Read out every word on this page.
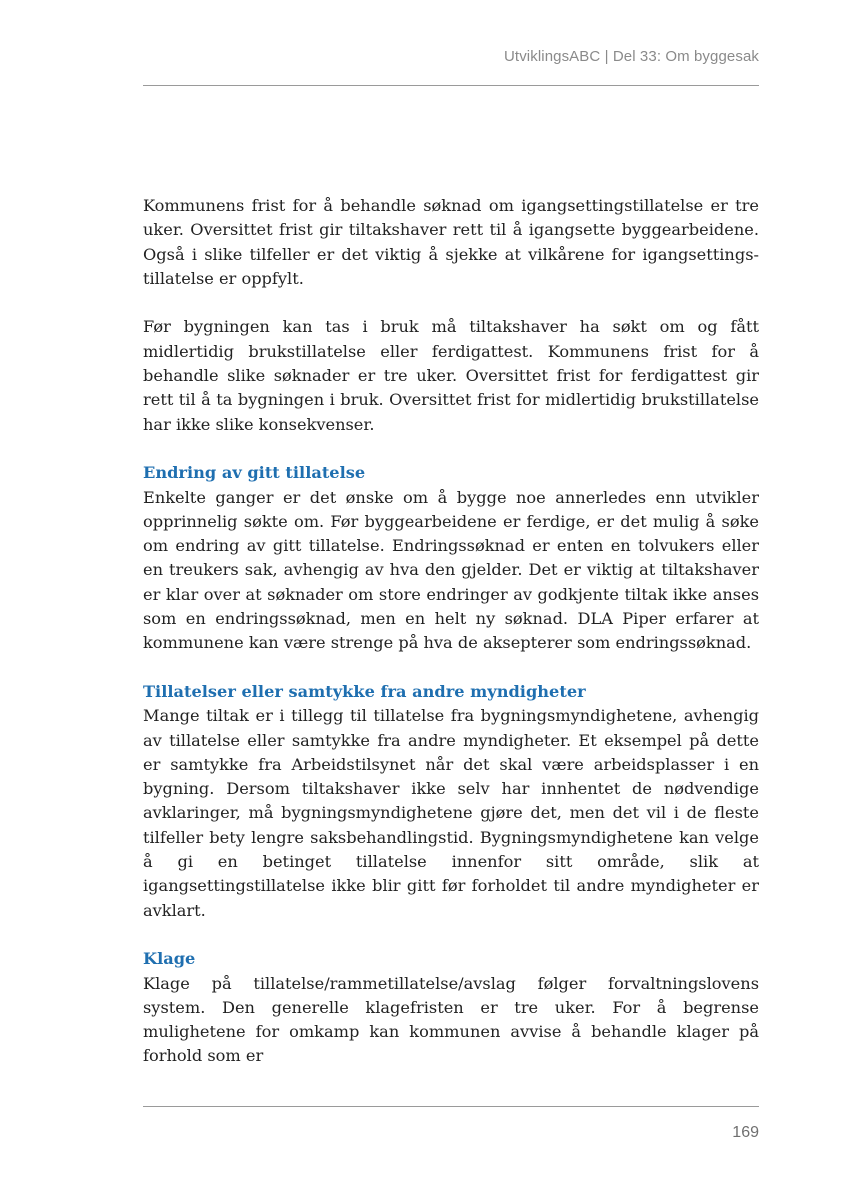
UtviklingsABC | Del 33: Om byggesak

Kommunens frist for å behandle søknad om igangsettingstillatelse er tre uker. Oversittet frist gir tiltakshaver rett til å igangsette byggearbeidene. Også i slike tilfeller er det viktig å sjekke at vilkårene for igangsettingstillatelse er oppfylt.

Før bygningen kan tas i bruk må tiltakshaver ha søkt om og fått midlertidig brukstillatelse eller ferdigattest. Kommunens frist for å behandle slike søknader er tre uker. Oversittet frist for ferdigattest gir rett til å ta bygningen i bruk. Oversittet frist for midlertidig brukstillatelse har ikke slike konsekvenser.

Endring av gitt tillatelse

Enkelte ganger er det ønske om å bygge noe annerledes enn utvikler opprinnelig søkte om. Før byggearbeidene er ferdige, er det mulig å søke om endring av gitt tillatelse. Endringssøknad er enten en tolvukers eller en treukers sak, avhengig av hva den gjelder. Det er viktig at tiltakshaver er klar over at søknader om store endringer av godkjente tiltak ikke anses som en endringssøknad, men en helt ny søknad. DLA Piper erfarer at kommunene kan være strenge på hva de aksepterer som endringssøknad.

Tillatelser eller samtykke fra andre myndigheter

Mange tiltak er i tillegg til tillatelse fra bygningsmyndighetene, avhengig av tillatelse eller samtykke fra andre myndigheter. Et eksempel på dette er samtykke fra Arbeidstilsynet når det skal være arbeidsplasser i en bygning. Dersom tiltakshaver ikke selv har innhentet de nødvendige avklaringer, må bygningsmyndighetene gjøre det, men det vil i de fleste tilfeller bety lengre saksbehandlingstid. Bygningsmyndighetene kan velge å gi en betinget tillatelse innenfor sitt område, slik at igangsettingstillatelse ikke blir gitt før forholdet til andre myndigheter er avklart.

Klage

Klage på tillatelse/rammetillatelse/avslag følger forvaltningslovens system. Den generelle klagefristen er tre uker. For å begrense mulighetene for omkamp kan kommunen avvise å behandle klager på forhold som er

169
